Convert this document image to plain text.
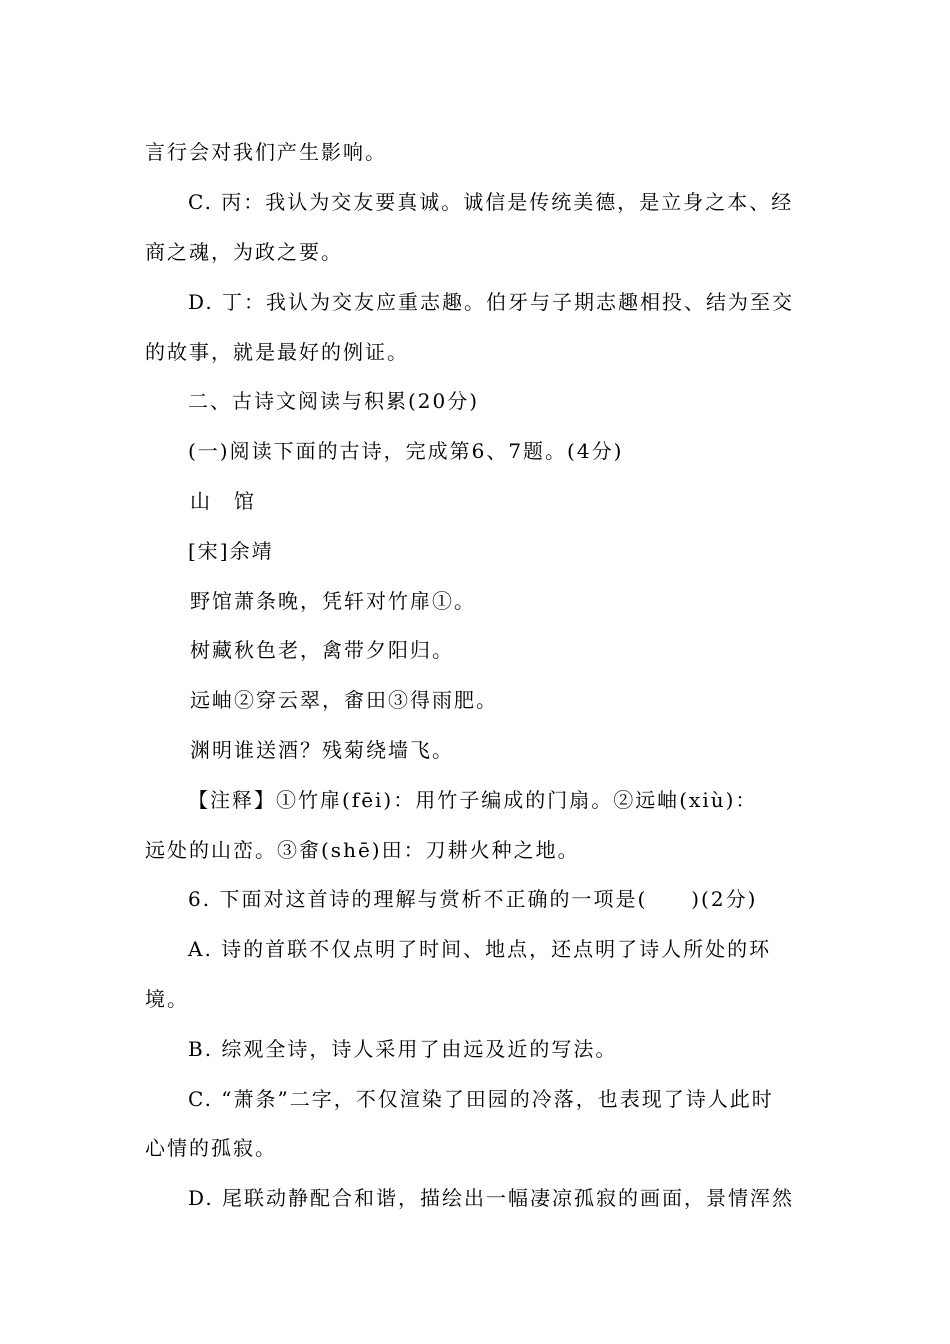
言行会对我们产生影响。
C. 丙：我认为交友要真诚。诚信是传统美德，是立身之本、经
商之魂，为政之要。
D. 丁：我认为交友应重志趣。伯牙与子期志趣相投、结为至交
的故事，就是最好的例证。
二、古诗文阅读与积累(20分)
(一)阅读下面的古诗，完成第6、7题。(4分)
山　馆
[宋]余靖
野馆萧条晚，凭轩对竹扉①。
树藏秋色老，禽带夕阳归。
远岫②穿云翠，畬田③得雨肥。
渊明谁送酒？残菊绕墙飞。
【注释】①竹扉(fēi)：用竹子编成的门扇。②远岫(xiù)：
远处的山峦。③畬(shē)田：刀耕火种之地。
6. 下面对这首诗的理解与赏析不正确的一项是(　　)(2分)
A. 诗的首联不仅点明了时间、地点，还点明了诗人所处的环
境。
B. 综观全诗，诗人采用了由远及近的写法。
C. “萧条”二字，不仅渲染了田园的冷落，也表现了诗人此时
心情的孤寂。
D. 尾联动静配合和谐，描绘出一幅凄凉孤寂的画面，景情浑然
